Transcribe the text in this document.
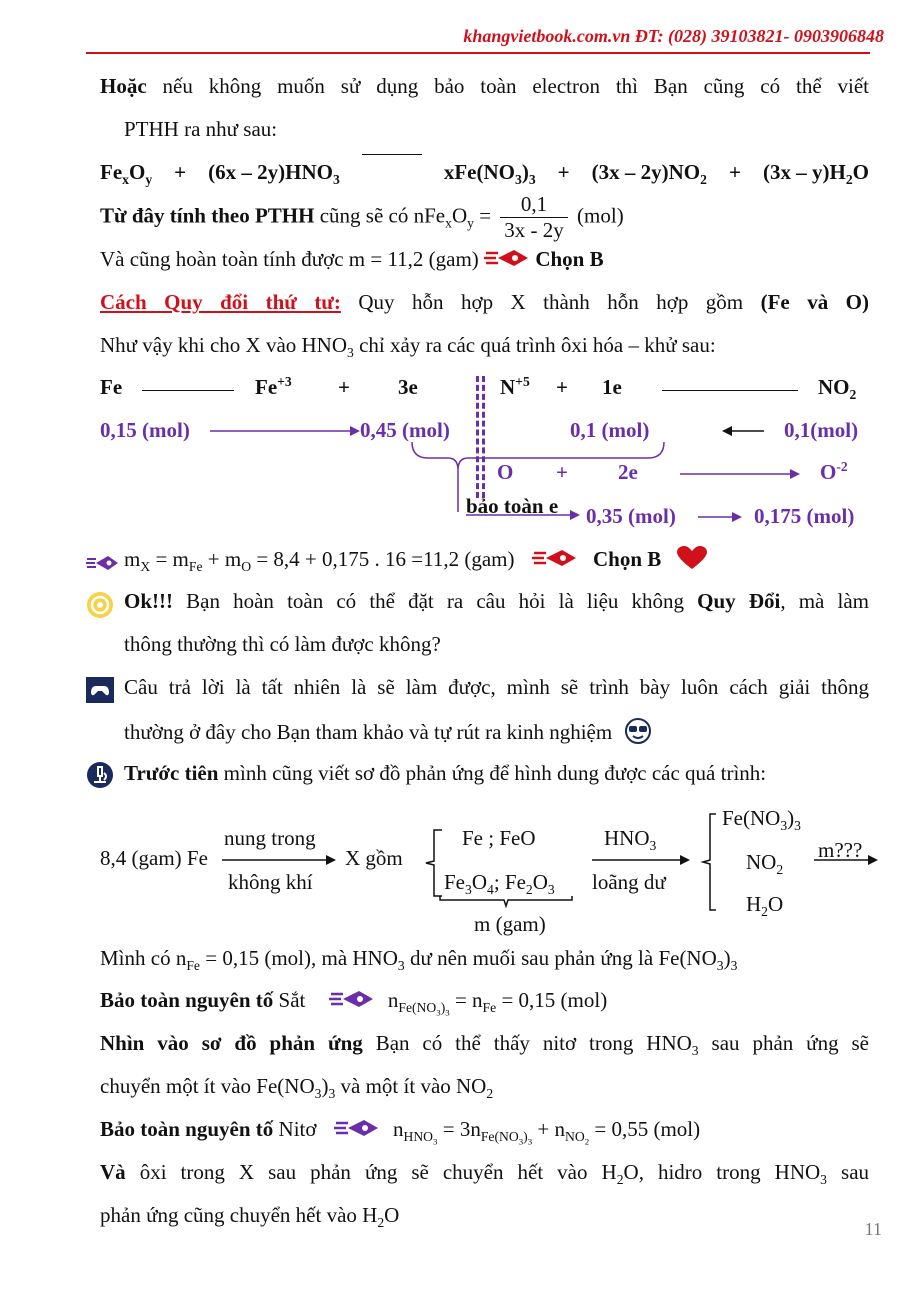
khangvietbook.com.vn ĐT: (028) 39103821- 0903906848
Hoặc nếu không muốn sử dụng bảo toàn electron thì Bạn cũng có thể viết
PTHH ra như sau:
$Fe_xO_y + (6x - 2y)HNO_3$	$xFe(NO_3)_3 + (3x - 2y)NO_2 + (3x - y)H_2O$
Từ đây tính theo PTHH cũng sẽ có $nFe_xO_y = \frac{0,1}{3x - 2y} (mol)$
Và cũng hoàn toàn tính được m = 11,2 (gam)	Chọn B
Cách Quy đổi thứ tư: Quy hỗn hợp X thành hỗn hợp gồm (Fe và O)
Như vậy khi cho X vào $HNO_3$ chỉ xảy ra các quá trình ôxi hóa – khử sau:
Fe	$Fe^{+3} + 3e$	$N^{+5} + 1e$	$NO_2$
0,15 (mol)	0,45 (mol)	0,1 (mol)	0,1(mol)
O + 2e	$O^{-2}$
bảo toàn e 0,35 (mol)	0,175 (mol)
$m_X = m_{Fe} + m_O = 8,4 + 0,175$ . 16 =11,2 (gam)	Chọn B
Ok!!! Bạn hoàn toàn có thể đặt ra câu hỏi là liệu không Quy Đổi, mà làm
thông thường thì có làm được không?
Câu trả lời là tất nhiên là sẽ làm được, mình sẽ trình bày luôn cách giải thông
thường ở đây cho Bạn tham khảo và tự rút ra kinh nghiệm
Trước tiên mình cũng viết sơ đồ phản ứng để hình dung được các quá trình:
8,4 (gam) Fe
nung trong
không khí
X gồm
Fe ; FeO
$Fe_3O_4$; $Fe_2O_3$
m (gam)
$HNO_3$
loãng dư
$Fe(NO_3)_3$
$NO_2$
$H_2O$
m???
Mình có $n_{Fe} = 0,15$ (mol), mà $HNO_3$ dư nên muối sau phản ứng là $Fe(NO_3)_3$
Bảo toàn nguyên tố Sắt	$n_{Fe(NO_3)_3} = n_{Fe} = 0,15$ (mol)
Nhìn vào sơ đồ phản ứng Bạn có thể thấy nitơ trong $HNO_3$ sau phản ứng sẽ
chuyển một ít vào $Fe(NO_3)_3$ và một ít vào $NO_2$
Bảo toàn nguyên tố Nitơ	$n_{HNO_3} = 3n_{Fe(NO_3)_3} + n_{NO_2} = 0,55$ (mol)
Và ôxi trong X sau phản ứng sẽ chuyển hết vào $H_2O$, hidro trong $HNO_3$ sau
phản ứng cũng chuyển hết vào $H_2O$
11
